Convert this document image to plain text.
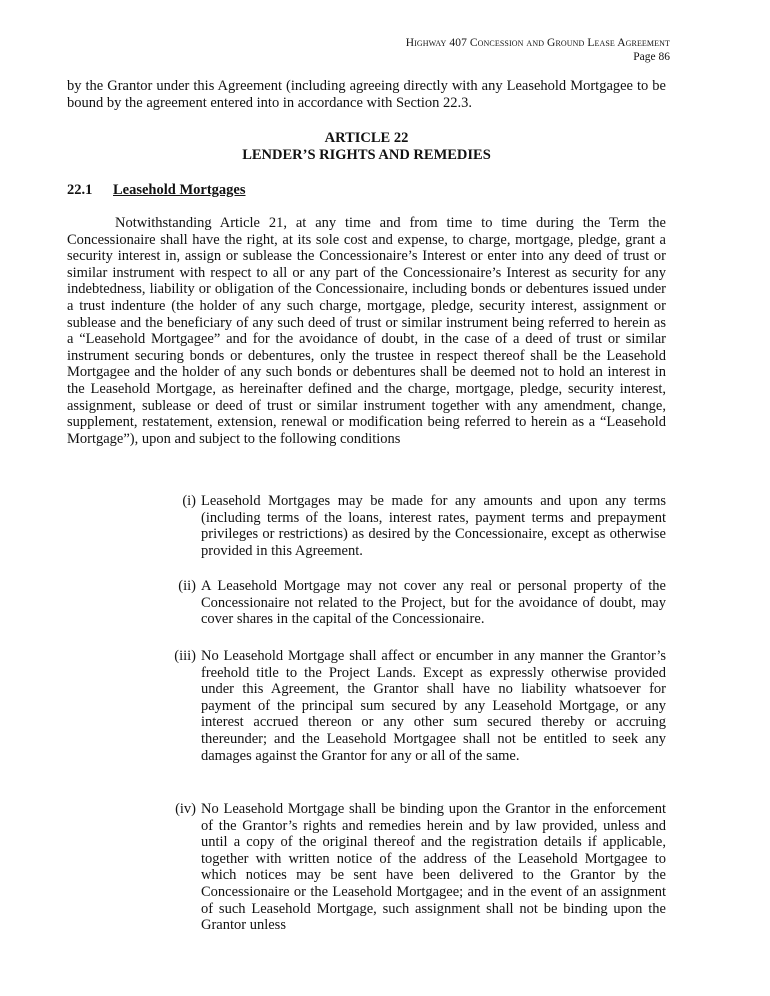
Highway 407 Concession and Ground Lease Agreement
Page 86
by the Grantor under this Agreement (including agreeing directly with any Leasehold Mortgagee to be bound by the agreement entered into in accordance with Section 22.3.
ARTICLE 22
LENDER’S RIGHTS AND REMEDIES
22.1 Leasehold Mortgages
Notwithstanding Article 21, at any time and from time to time during the Term the Concessionaire shall have the right, at its sole cost and expense, to charge, mortgage, pledge, grant a security interest in, assign or sublease the Concessionaire’s Interest or enter into any deed of trust or similar instrument with respect to all or any part of the Concessionaire’s Interest as security for any indebtedness, liability or obligation of the Concessionaire, including bonds or debentures issued under a trust indenture (the holder of any such charge, mortgage, pledge, security interest, assignment or sublease and the beneficiary of any such deed of trust or similar instrument being referred to herein as a “Leasehold Mortgagee” and for the avoidance of doubt, in the case of a deed of trust or similar instrument securing bonds or debentures, only the trustee in respect thereof shall be the Leasehold Mortgagee and the holder of any such bonds or debentures shall be deemed not to hold an interest in the Leasehold Mortgage, as hereinafter defined and the charge, mortgage, pledge, security interest, assignment, sublease or deed of trust or similar instrument together with any amendment, change, supplement, restatement, extension, renewal or modification being referred to herein as a “Leasehold Mortgage”), upon and subject to the following conditions
(i) Leasehold Mortgages may be made for any amounts and upon any terms (including terms of the loans, interest rates, payment terms and prepayment privileges or restrictions) as desired by the Concessionaire, except as otherwise provided in this Agreement.
(ii) A Leasehold Mortgage may not cover any real or personal property of the Concessionaire not related to the Project, but for the avoidance of doubt, may cover shares in the capital of the Concessionaire.
(iii) No Leasehold Mortgage shall affect or encumber in any manner the Grantor’s freehold title to the Project Lands. Except as expressly otherwise provided under this Agreement, the Grantor shall have no liability whatsoever for payment of the principal sum secured by any Leasehold Mortgage, or any interest accrued thereon or any other sum secured thereby or accruing thereunder; and the Leasehold Mortgagee shall not be entitled to seek any damages against the Grantor for any or all of the same.
(iv) No Leasehold Mortgage shall be binding upon the Grantor in the enforcement of the Grantor’s rights and remedies herein and by law provided, unless and until a copy of the original thereof and the registration details if applicable, together with written notice of the address of the Leasehold Mortgagee to which notices may be sent have been delivered to the Grantor by the Concessionaire or the Leasehold Mortgagee; and in the event of an assignment of such Leasehold Mortgage, such assignment shall not be binding upon the Grantor unless
